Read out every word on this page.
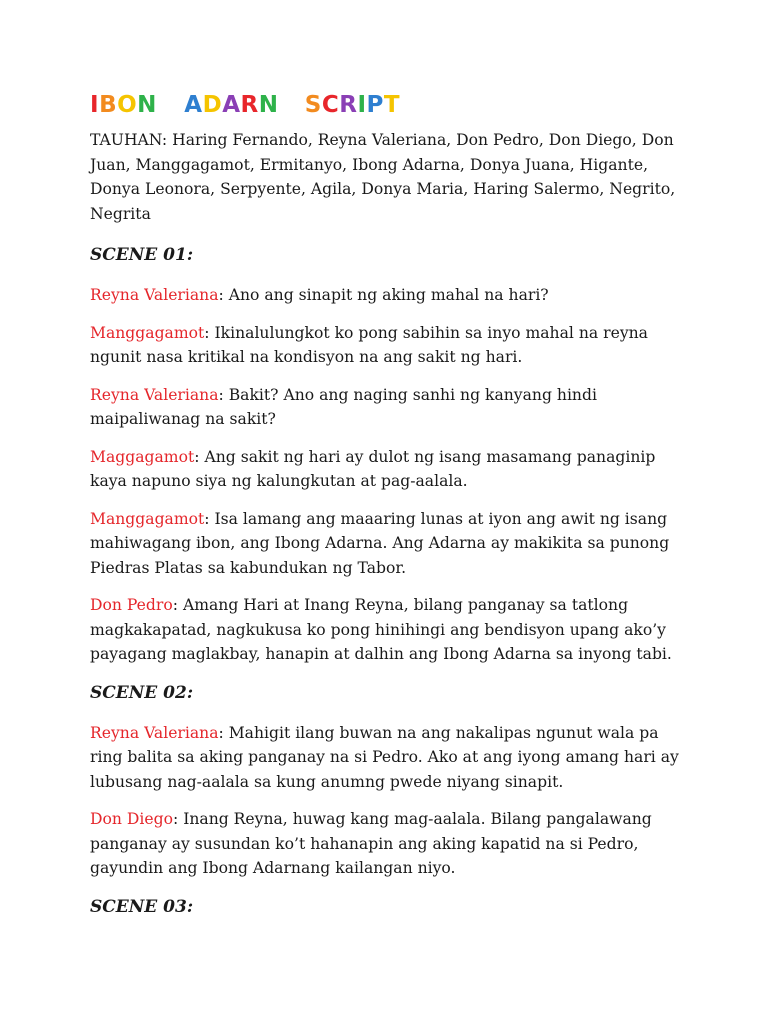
IBONG ADARNA SCRIPT

TAUHAN: Haring Fernando, Reyna Valeriana, Don Pedro, Don Diego, Don Juan, Manggagamot, Ermitanyo, Ibong Adarna, Donya Juana, Higante, Donya Leonora, Serpyente, Agila, Donya Maria, Haring Salermo, Negrito, Negrita

SCENE 01:

Reyna Valeriana: Ano ang sinapit ng aking mahal na hari?

Manggagamot: Ikinalulungkot ko pong sabihin sa inyo mahal na reyna ngunit nasa kritikal na kondisyon na ang sakit ng hari.

Reyna Valeriana: Bakit? Ano ang naging sanhi ng kanyang hindi maipaliwanag na sakit?

Maggagamot: Ang sakit ng hari ay dulot ng isang masamang panaginip kaya napuno siya ng kalungkutan at pag-aalala.

Manggagamot: Isa lamang ang maaaring lunas at iyon ang awit ng isang mahiwagang ibon, ang Ibong Adarna. Ang Adarna ay makikita sa punong Piedras Platas sa kabundukan ng Tabor.

Don Pedro: Amang Hari at Inang Reyna, bilang panganay sa tatlong magkakapatad, nagkukusa ko pong hinihingi ang bendisyon upang ako’y payagang maglakbay, hanapin at dalhin ang Ibong Adarna sa inyong tabi.

SCENE 02:

Reyna Valeriana: Mahigit ilang buwan na ang nakalipas ngunut wala pa ring balita sa aking panganay na si Pedro. Ako at ang iyong amang hari ay lubusang nag-aalala sa kung anumng pwede niyang sinapit.

Don Diego: Inang Reyna, huwag kang mag-aalala. Bilang pangalawang panganay ay susundan ko’t hahanapin ang aking kapatid na si Pedro, gayundin ang Ibong Adarnang kailangan niyo.

SCENE 03:
